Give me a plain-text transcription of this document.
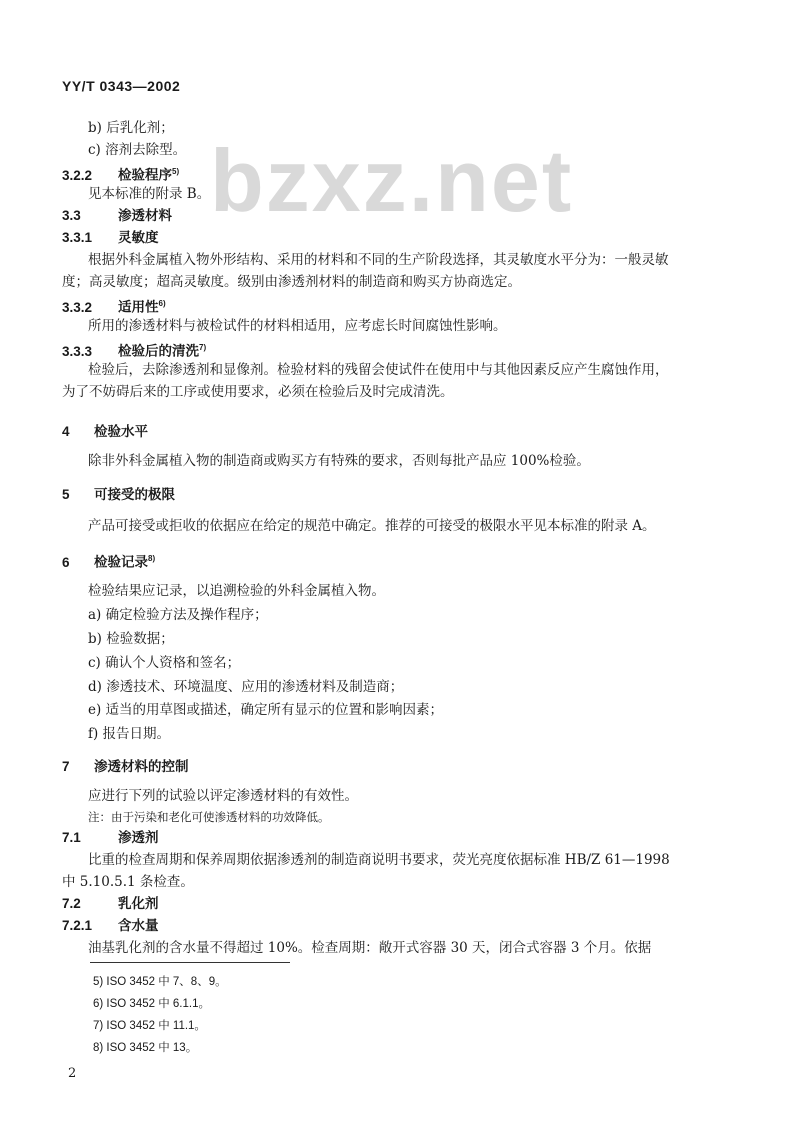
YY/T 0343—2002
bzxz.net
b) 后乳化剂；
c) 溶剂去除型。
3.2.2 检验程序$^{5)}$
见本标准的附录 B。
3.3	渗透材料
3.3.1 灵敏度
根据外科金属植入物外形结构、采用的材料和不同的生产阶段选择，其灵敏度水平分为：一般灵敏
度；高灵敏度；超高灵敏度。级别由渗透剂材料的制造商和购买方协商选定。
3.3.2 适用性$^{6)}$
所用的渗透材料与被检试件的材料相适用，应考虑长时间腐蚀性影响。
3.3.3 检验后的清洗$^{7)}$
检验后，去除渗透剂和显像剂。检验材料的残留会使试件在使用中与其他因素反应产生腐蚀作用，
为了不妨碍后来的工序或使用要求，必须在检验后及时完成清洗。
4 检验水平
除非外科金属植入物的制造商或购买方有特殊的要求，否则每批产品应 100%检验。
5 可接受的极限
产品可接受或拒收的依据应在给定的规范中确定。推荐的可接受的极限水平见本标准的附录 A。
6 检验记录$^{8)}$
检验结果应记录，以追溯检验的外科金属植入物。
a) 确定检验方法及操作程序；
b) 检验数据；
c) 确认个人资格和签名；
d) 渗透技术、环境温度、应用的渗透材料及制造商；
e) 适当的用草图或描述，确定所有显示的位置和影响因素；
f) 报告日期。
7 渗透材料的控制
应进行下列的试验以评定渗透材料的有效性。
注：由于污染和老化可使渗透材料的功效降低。
7.1	渗透剂
比重的检查周期和保养周期依据渗透剂的制造商说明书要求，荧光亮度依据标准 HB/Z 61—1998
中 5.10.5.1 条检查。
7.2	乳化剂
7.2.1 含水量
油基乳化剂的含水量不得超过 10%。检查周期：敞开式容器 30 天，闭合式容器 3 个月。依据
5) ISO 3452 中 7、8、9。
6) ISO 3452 中 6.1.1。
7) ISO 3452 中 11.1。
8) ISO 3452 中 13。
2
